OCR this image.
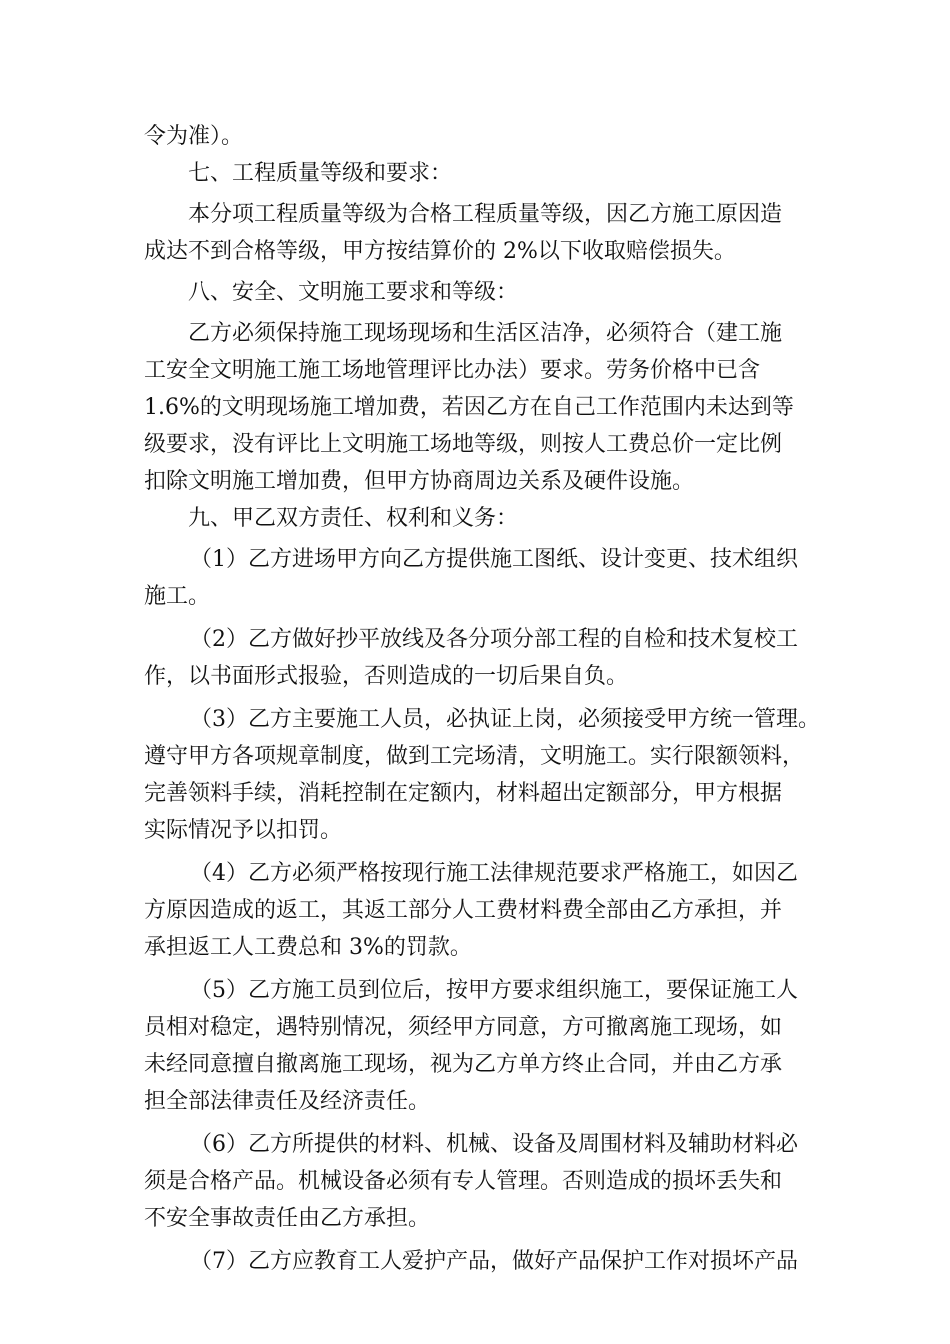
令为准）。
七、工程质量等级和要求：
本分项工程质量等级为合格工程质量等级，因乙方施工原因造
成达不到合格等级，甲方按结算价的 2%以下收取赔偿损失。
八、安全、文明施工要求和等级：
乙方必须保持施工现场现场和生活区洁净，必须符合（建工施
工安全文明施工施工场地管理评比办法）要求。劳务价格中已含
1.6%的文明现场施工增加费，若因乙方在自己工作范围内未达到等
级要求，没有评比上文明施工场地等级，则按人工费总价一定比例
扣除文明施工增加费，但甲方协商周边关系及硬件设施。
九、甲乙双方责任、权利和义务：
（1）乙方进场甲方向乙方提供施工图纸、设计变更、技术组织
施工。
（2）乙方做好抄平放线及各分项分部工程的自检和技术复校工
作，以书面形式报验，否则造成的一切后果自负。
（3）乙方主要施工人员，必执证上岗，必须接受甲方统一管理。
遵守甲方各项规章制度，做到工完场清，文明施工。实行限额领料，
完善领料手续，消耗控制在定额内，材料超出定额部分，甲方根据
实际情况予以扣罚。
（4）乙方必须严格按现行施工法律规范要求严格施工，如因乙
方原因造成的返工，其返工部分人工费材料费全部由乙方承担，并
承担返工人工费总和 3%的罚款。
（5）乙方施工员到位后，按甲方要求组织施工，要保证施工人
员相对稳定，遇特别情况，须经甲方同意，方可撤离施工现场，如
未经同意擅自撤离施工现场，视为乙方单方终止合同，并由乙方承
担全部法律责任及经济责任。
（6）乙方所提供的材料、机械、设备及周围材料及辅助材料必
须是合格产品。机械设备必须有专人管理。否则造成的损坏丢失和
不安全事故责任由乙方承担。
（7）乙方应教育工人爱护产品，做好产品保护工作对损坏产品
